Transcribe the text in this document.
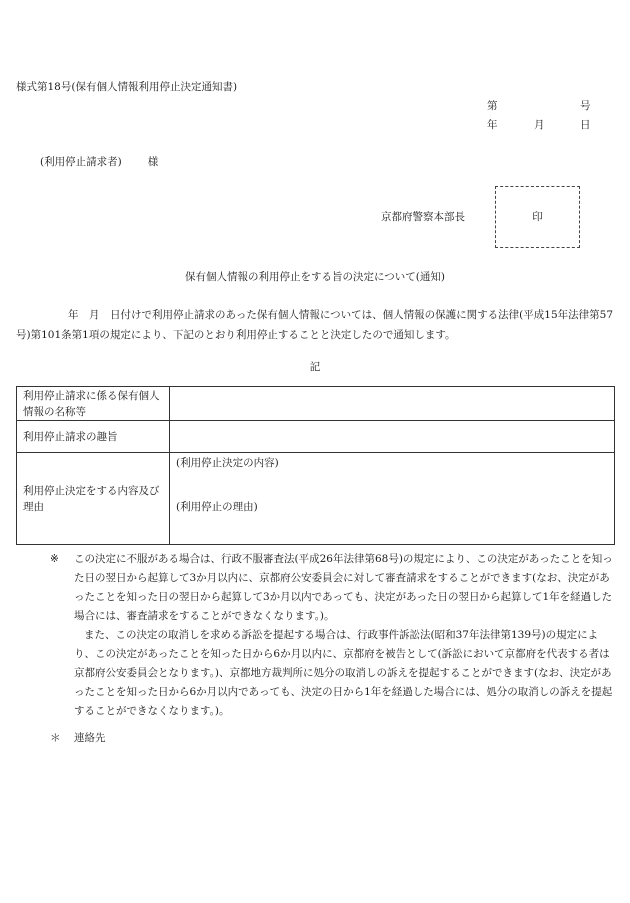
様式第18号(保有個人情報利用停止決定通知書)
第	号
年	月	日
(利用停止請求者) 様
京都府警察本部長	印
保有個人情報の利用停止をする旨の決定について(通知)
年　月　日付けで利用停止請求のあった保有個人情報については、個人情報の保護に関する法律(平成15年法律第57号)第101条第1項の規定により、下記のとおり利用停止することと決定したので通知します。
記
利用停止請求に係る保有個人情報の名称等	
利用停止請求の趣旨	
利用停止決定をする内容及び理由	(利用停止決定の内容)
(利用停止の理由)

※ この決定に不服がある場合は、行政不服審査法(平成26年法律第68号)の規定により、この決定があったことを知った日の翌日から起算して3か月以内に、京都府公安委員会に対して審査請求をすることができます(なお、決定があったことを知った日の翌日から起算して3か月以内であっても、決定があった日の翌日から起算して1年を経過した場合には、審査請求をすることができなくなります。)。

また、この決定の取消しを求める訴訟を提起する場合は、行政事件訴訟法(昭和37年法律第139号)の規定により、この決定があったことを知った日から6か月以内に、京都府を被告として(訴訟において京都府を代表する者は京都府公安委員会となります。)、京都地方裁判所に処分の取消しの訴えを提起することができます(なお、決定があったことを知った日から6か月以内であっても、決定の日から1年を経過した場合には、処分の取消しの訴えを提起することができなくなります。)。

＊ 連絡先
